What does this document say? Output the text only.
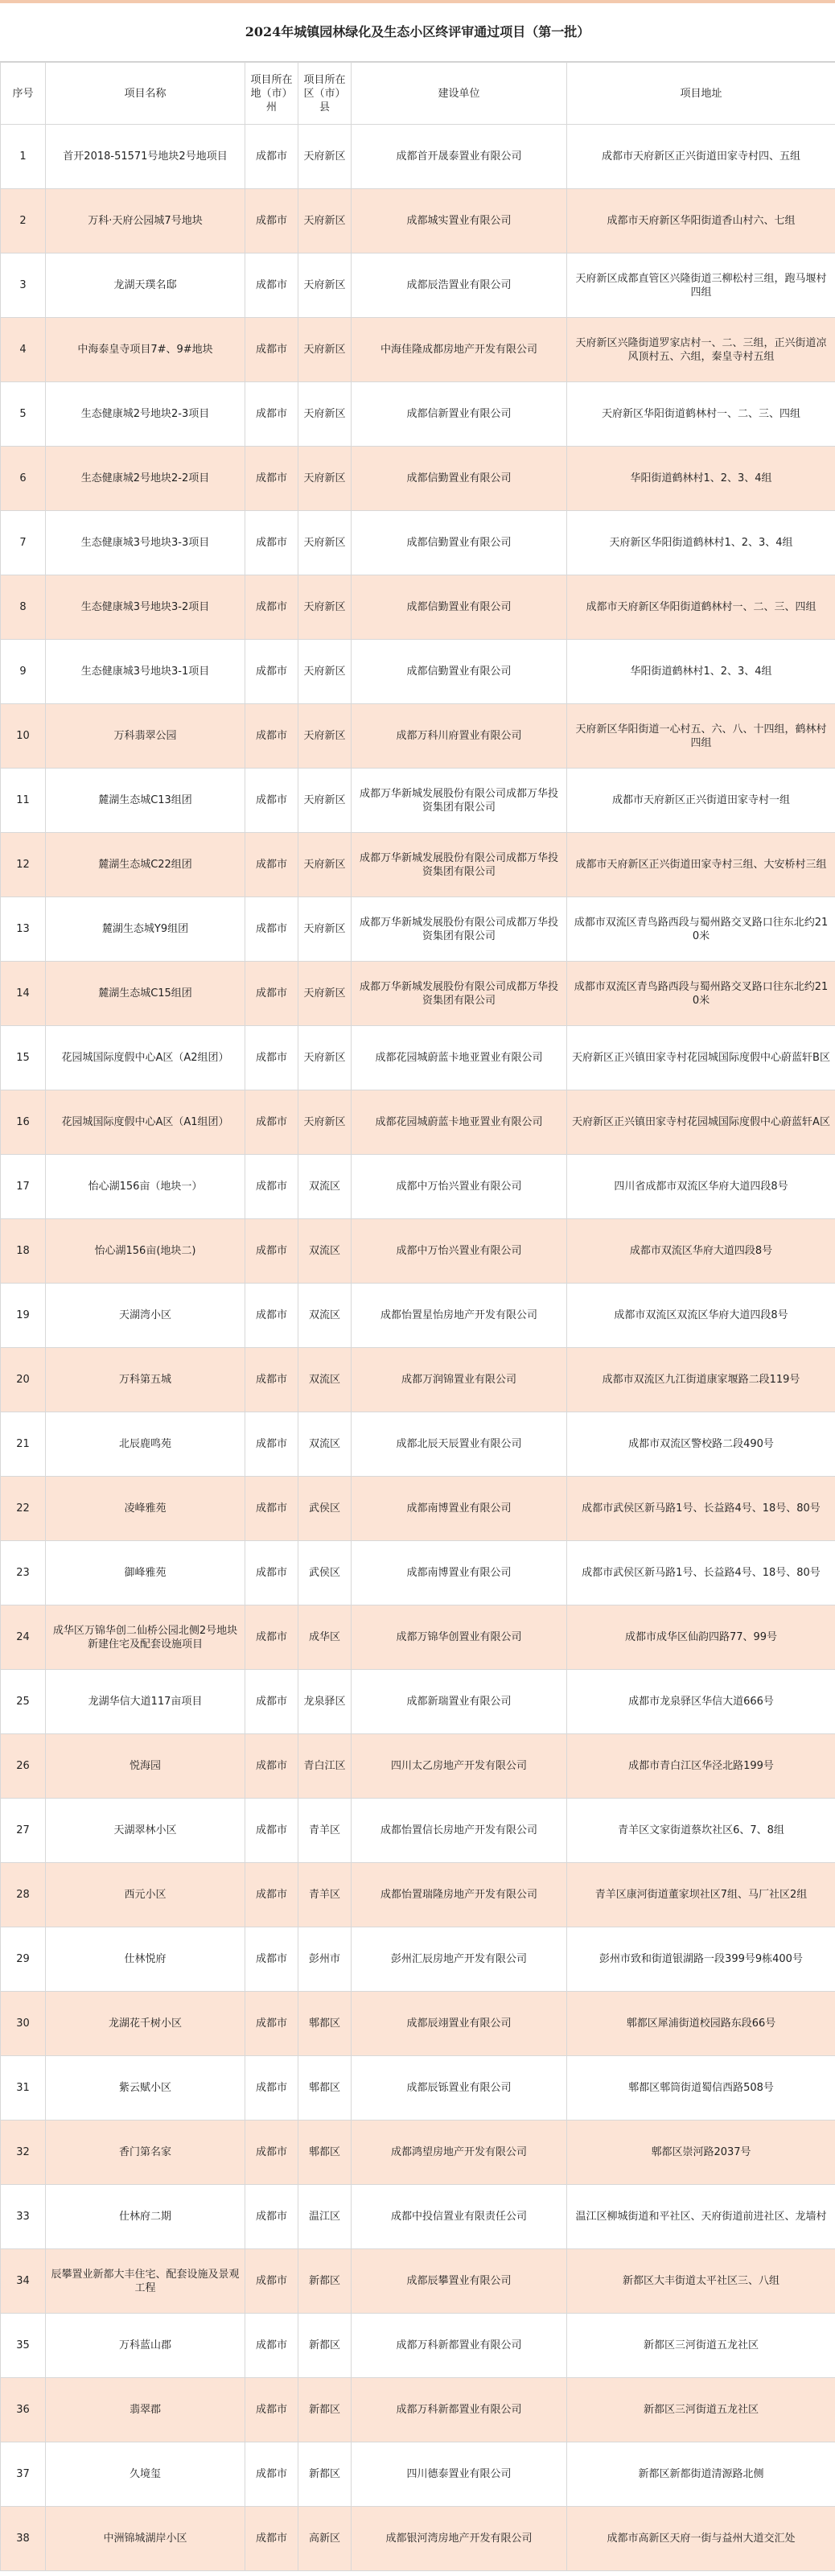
2024年城镇园林绿化及生态小区终评审通过项目（第一批）
序号	项目名称	项目所在地（市）州	项目所在区（市）县	建设单位	项目地址
1	首开2018-51571号地块2号地项目	成都市	天府新区	成都首开晟泰置业有限公司	成都市天府新区正兴街道田家寺村四、五组
2	万科·天府公园城7号地块	成都市	天府新区	成都城实置业有限公司	成都市天府新区华阳街道香山村六、七组
3	龙湖天璞名邸	成都市	天府新区	成都辰浩置业有限公司	天府新区成都直管区兴隆街道三柳松村三组，跑马堰村四组
4	中海泰皇寺项目7#、9#地块	成都市	天府新区	中海佳隆成都房地产开发有限公司	天府新区兴隆街道罗家店村一、二、三组，正兴街道凉风顶村五、六组，秦皇寺村五组
5	生态健康城2号地块2-3项目	成都市	天府新区	成都信新置业有限公司	天府新区华阳街道鹤林村一、二、三、四组
6	生态健康城2号地块2-2项目	成都市	天府新区	成都信勤置业有限公司	华阳街道鹤林村1、2、3、4组
7	生态健康城3号地块3-3项目	成都市	天府新区	成都信勤置业有限公司	天府新区华阳街道鹤林村1、2、3、4组
8	生态健康城3号地块3-2项目	成都市	天府新区	成都信勤置业有限公司	成都市天府新区华阳街道鹤林村一、二、三、四组
9	生态健康城3号地块3-1项目	成都市	天府新区	成都信勤置业有限公司	华阳街道鹤林村1、2、3、4组
10	万科翡翠公园	成都市	天府新区	成都万科川府置业有限公司	天府新区华阳街道一心村五、六、八、十四组，鹤林村四组
11	麓湖生态城C13组团	成都市	天府新区	成都万华新城发展股份有限公司成都万华投资集团有限公司	成都市天府新区正兴街道田家寺村一组
12	麓湖生态城C22组团	成都市	天府新区	成都万华新城发展股份有限公司成都万华投资集团有限公司	成都市天府新区正兴街道田家寺村三组、大安桥村三组
13	麓湖生态城Y9组团	成都市	天府新区	成都万华新城发展股份有限公司成都万华投资集团有限公司	成都市双流区青鸟路西段与蜀州路交叉路口往东北约210米
14	麓湖生态城C15组团	成都市	天府新区	成都万华新城发展股份有限公司成都万华投资集团有限公司	成都市双流区青鸟路西段与蜀州路交叉路口往东北约210米
15	花园城国际度假中心A区（A2组团）	成都市	天府新区	成都花园城蔚蓝卡地亚置业有限公司	天府新区正兴镇田家寺村花园城国际度假中心蔚蓝轩B区
16	花园城国际度假中心A区（A1组团）	成都市	天府新区	成都花园城蔚蓝卡地亚置业有限公司	天府新区正兴镇田家寺村花园城国际度假中心蔚蓝轩A区
17	怡心湖156亩（地块一）	成都市	双流区	成都中万怡兴置业有限公司	四川省成都市双流区华府大道四段8号
18	怡心湖156亩(地块二)	成都市	双流区	成都中万怡兴置业有限公司	成都市双流区华府大道四段8号
19	天湖湾小区	成都市	双流区	成都怡置星怡房地产开发有限公司	成都市双流区双流区华府大道四段8号
20	万科第五城	成都市	双流区	成都万润锦置业有限公司	成都市双流区九江街道康家堰路二段119号
21	北辰鹿鸣苑	成都市	双流区	成都北辰天辰置业有限公司	成都市双流区警校路二段490号
22	凌峰雅苑	成都市	武侯区	成都南博置业有限公司	成都市武侯区新马路1号、长益路4号、18号、80号
23	御峰雅苑	成都市	武侯区	成都南博置业有限公司	成都市武侯区新马路1号、长益路4号、18号、80号
24	成华区万锦华创二仙桥公园北侧2号地块新建住宅及配套设施项目	成都市	成华区	成都万锦华创置业有限公司	成都市成华区仙韵四路77、99号
25	龙湖华信大道117亩项目	成都市	龙泉驿区	成都新瑞置业有限公司	成都市龙泉驿区华信大道666号
26	悦海园	成都市	青白江区	四川太乙房地产开发有限公司	成都市青白江区华泾北路199号
27	天湖翠林小区	成都市	青羊区	成都怡置信长房地产开发有限公司	青羊区文家街道蔡坎社区6、7、8组
28	西元小区	成都市	青羊区	成都怡置瑞隆房地产开发有限公司	青羊区康河街道董家坝社区7组、马厂社区2组
29	仕林悦府	成都市	彭州市	彭州汇辰房地产开发有限公司	彭州市致和街道银湖路一段399号9栋400号
30	龙湖花千树小区	成都市	郫都区	成都辰翊置业有限公司	郫都区犀浦街道校园路东段66号
31	紫云赋小区	成都市	郫都区	成都辰铄置业有限公司	郫都区郫筒街道蜀信西路508号
32	香门第名家	成都市	郫都区	成都鸿望房地产开发有限公司	郫都区崇河路2037号
33	仕林府二期	成都市	温江区	成都中投信置业有限责任公司	温江区柳城街道和平社区、天府街道前进社区、龙墙村
34	辰攀置业新都大丰住宅、配套设施及景观工程	成都市	新都区	成都辰攀置业有限公司	新都区大丰街道太平社区三、八组
35	万科蓝山郡	成都市	新都区	成都万科新都置业有限公司	新都区三河街道五龙社区
36	翡翠郡	成都市	新都区	成都万科新都置业有限公司	新都区三河街道五龙社区
37	久境玺	成都市	新都区	四川德泰置业有限公司	新都区新都街道清源路北侧
38	中洲锦城湖岸小区	成都市	高新区	成都银河湾房地产开发有限公司	成都市高新区天府一街与益州大道交汇处
